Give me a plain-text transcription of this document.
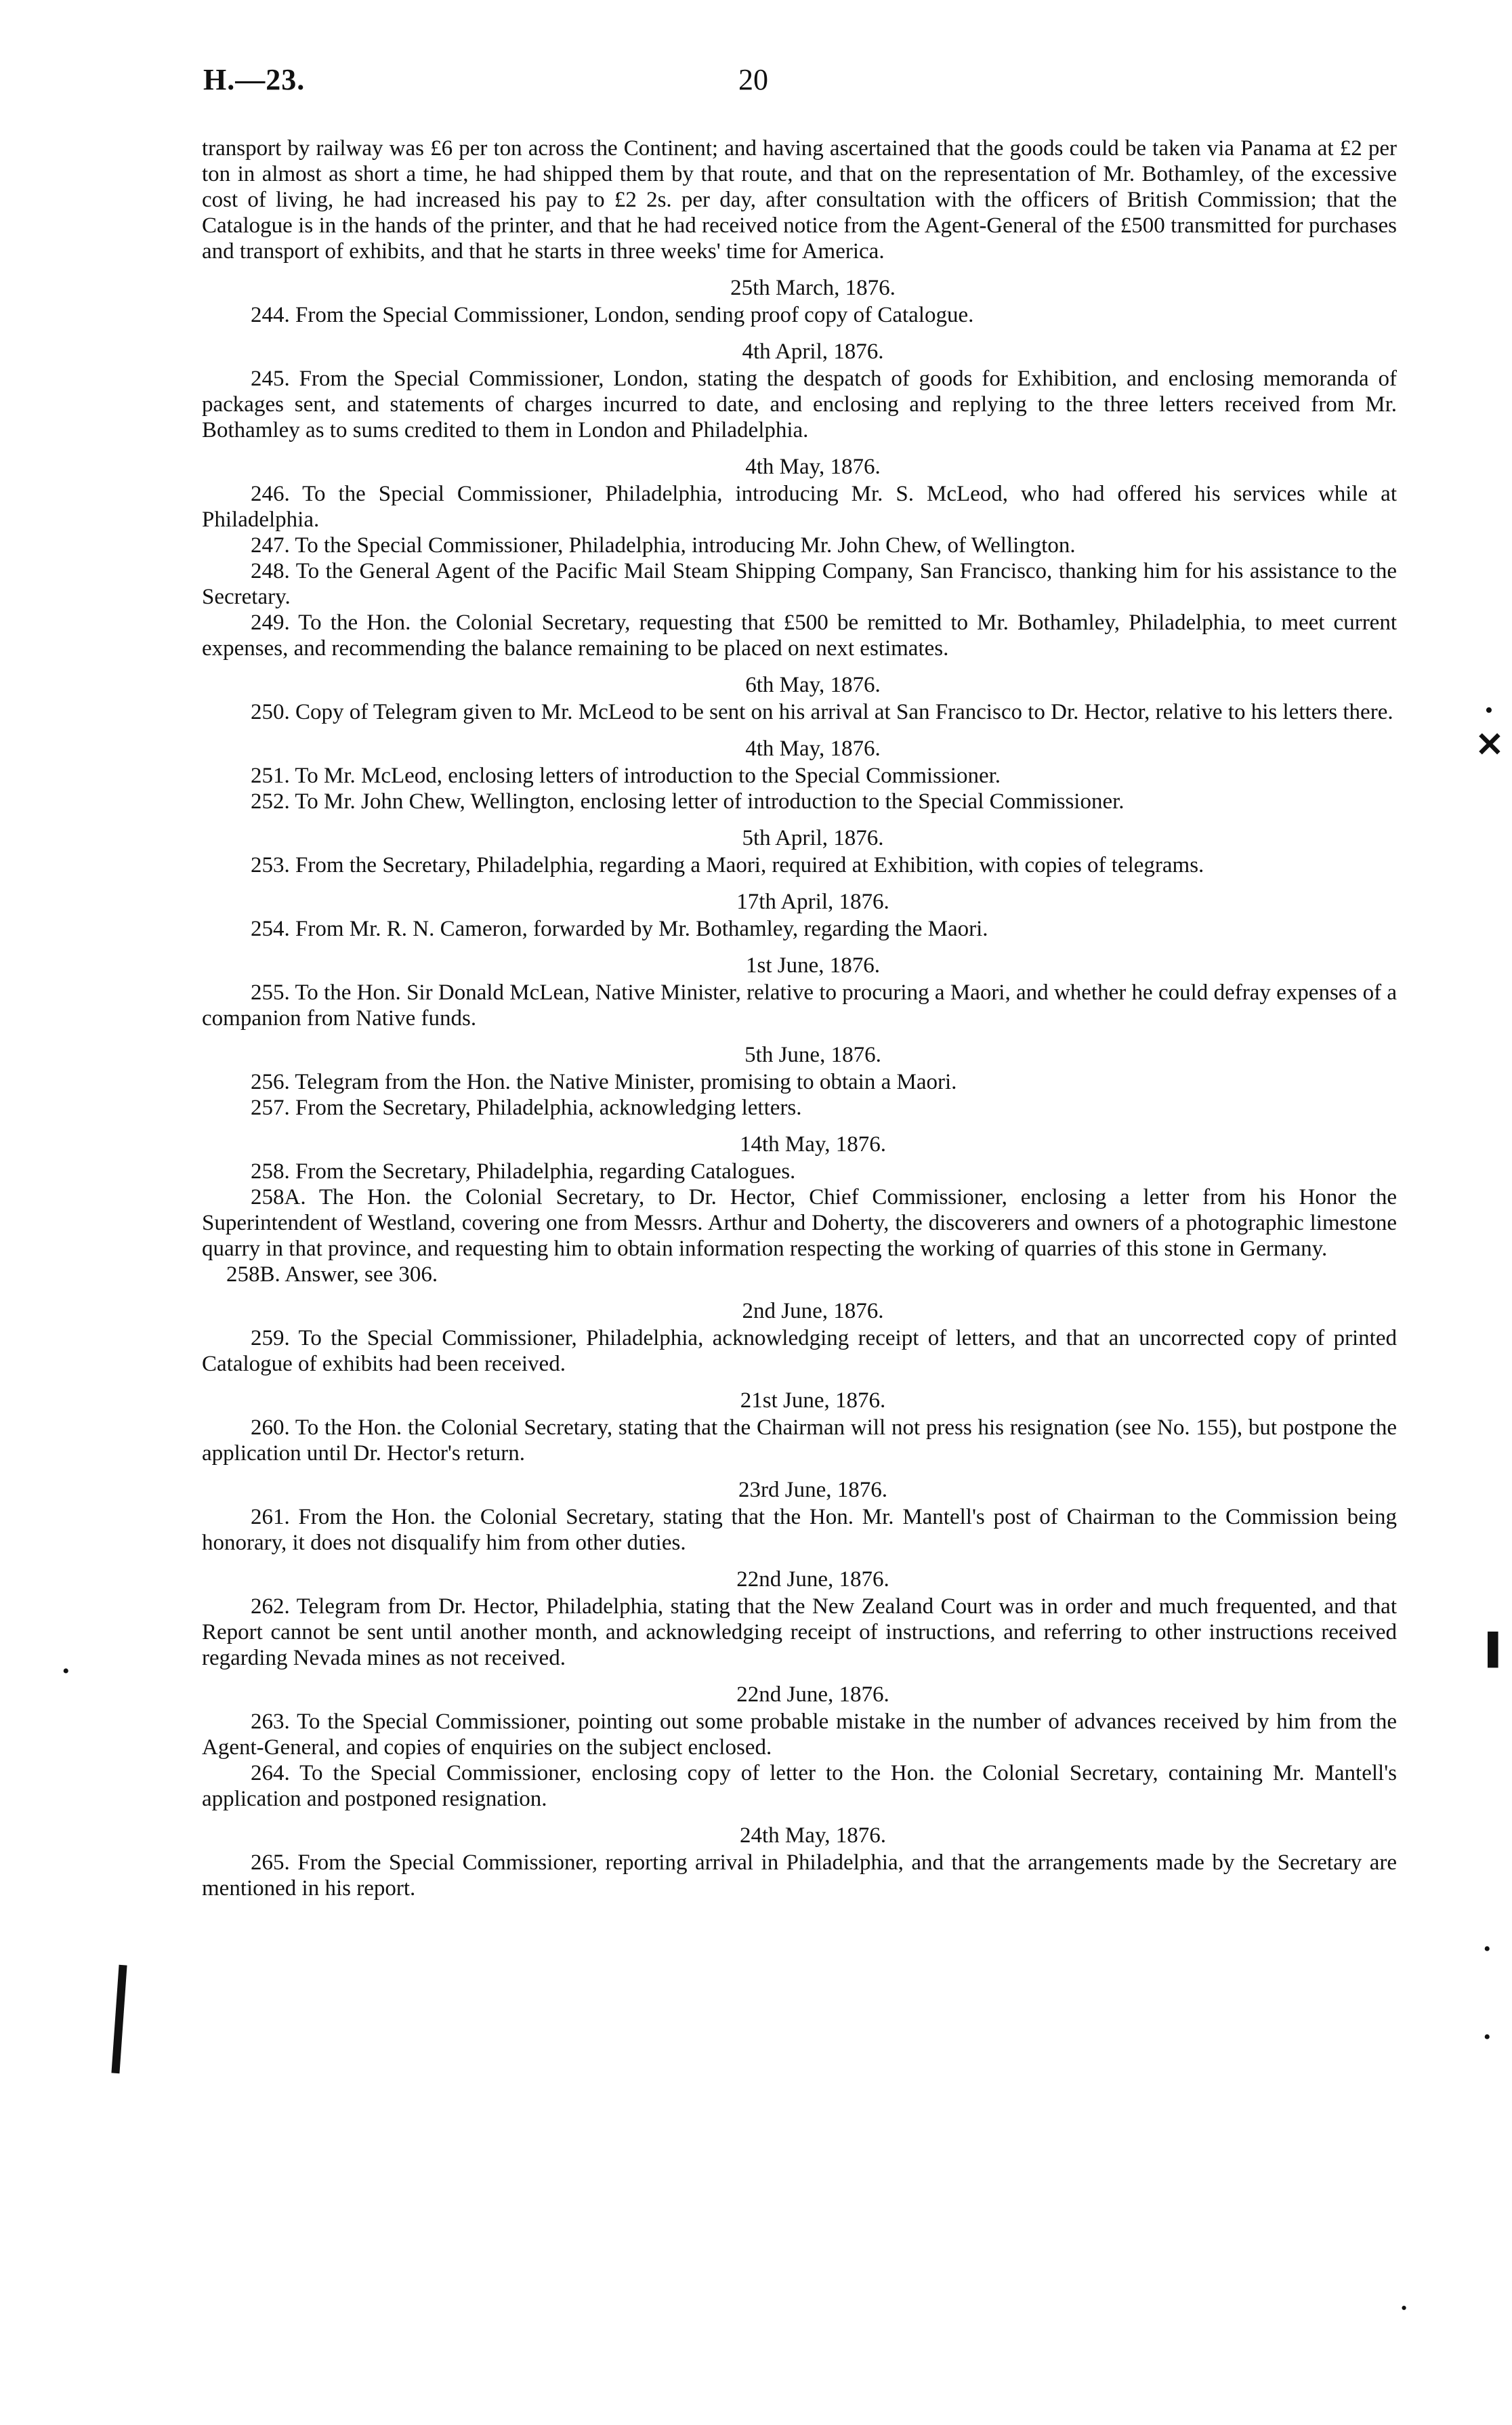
H.—23.	20

transport by railway was £6 per ton across the Continent; and having ascertained that the goods could be taken via Panama at £2 per ton in almost as short a time, he had shipped them by that route, and that on the representation of Mr. Bothamley, of the excessive cost of living, he had increased his pay to £2 2s. per day, after consultation with the officers of British Commission; that the Catalogue is in the hands of the printer, and that he had received notice from the Agent-General of the £500 transmitted for purchases and transport of exhibits, and that he starts in three weeks' time for America.

25th March, 1876.

244. From the Special Commissioner, London, sending proof copy of Catalogue.

4th April, 1876.

245. From the Special Commissioner, London, stating the despatch of goods for Exhibition, and enclosing memoranda of packages sent, and statements of charges incurred to date, and enclosing and replying to the three letters received from Mr. Bothamley as to sums credited to them in London and Philadelphia.

4th May, 1876.

246. To the Special Commissioner, Philadelphia, introducing Mr. S. McLeod, who had offered his services while at Philadelphia.

247. To the Special Commissioner, Philadelphia, introducing Mr. John Chew, of Wellington.

248. To the General Agent of the Pacific Mail Steam Shipping Company, San Francisco, thanking him for his assistance to the Secretary.

249. To the Hon. the Colonial Secretary, requesting that £500 be remitted to Mr. Bothamley, Philadelphia, to meet current expenses, and recommending the balance remaining to be placed on next estimates.

6th May, 1876.

250. Copy of Telegram given to Mr. McLeod to be sent on his arrival at San Francisco to Dr. Hector, relative to his letters there.

4th May, 1876.

251. To Mr. McLeod, enclosing letters of introduction to the Special Commissioner.

252. To Mr. John Chew, Wellington, enclosing letter of introduction to the Special Commissioner.

5th April, 1876.

253. From the Secretary, Philadelphia, regarding a Maori, required at Exhibition, with copies of telegrams.

17th April, 1876.

254. From Mr. R. N. Cameron, forwarded by Mr. Bothamley, regarding the Maori.

1st June, 1876.

255. To the Hon. Sir Donald McLean, Native Minister, relative to procuring a Maori, and whether he could defray expenses of a companion from Native funds.

5th June, 1876.

256. Telegram from the Hon. the Native Minister, promising to obtain a Maori.

257. From the Secretary, Philadelphia, acknowledging letters.

14th May, 1876.

258. From the Secretary, Philadelphia, regarding Catalogues.

258A. The Hon. the Colonial Secretary, to Dr. Hector, Chief Commissioner, enclosing a letter from his Honor the Superintendent of Westland, covering one from Messrs. Arthur and Doherty, the discoverers and owners of a photographic limestone quarry in that province, and requesting him to obtain information respecting the working of quarries of this stone in Germany.

258B. Answer, see 306.

2nd June, 1876.

259. To the Special Commissioner, Philadelphia, acknowledging receipt of letters, and that an uncorrected copy of printed Catalogue of exhibits had been received.

21st June, 1876.

260. To the Hon. the Colonial Secretary, stating that the Chairman will not press his resignation (see No. 155), but postpone the application until Dr. Hector's return.

23rd June, 1876.

261. From the Hon. the Colonial Secretary, stating that the Hon. Mr. Mantell's post of Chairman to the Commission being honorary, it does not disqualify him from other duties.

22nd June, 1876.

262. Telegram from Dr. Hector, Philadelphia, stating that the New Zealand Court was in order and much frequented, and that Report cannot be sent until another month, and acknowledging receipt of instructions, and referring to other instructions received regarding Nevada mines as not received.

22nd June, 1876.

263. To the Special Commissioner, pointing out some probable mistake in the number of advances received by him from the Agent-General, and copies of enquiries on the subject enclosed.

264. To the Special Commissioner, enclosing copy of letter to the Hon. the Colonial Secretary, containing Mr. Mantell's application and postponed resignation.

24th May, 1876.

265. From the Special Commissioner, reporting arrival in Philadelphia, and that the arrangements made by the Secretary are mentioned in his report.

•
✕
▌
•
•
•
•
